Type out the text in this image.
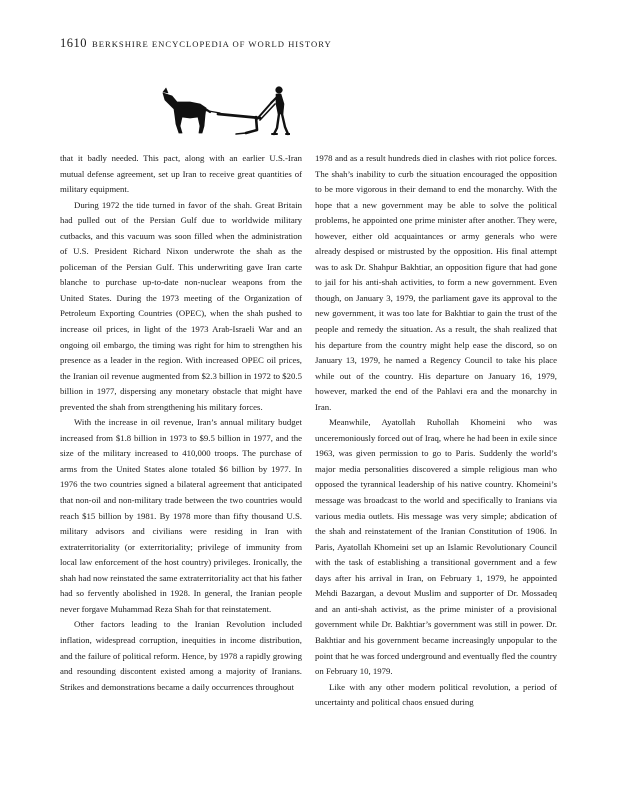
1610 BERKSHIRE ENCYCLOPEDIA OF WORLD HISTORY

that it badly needed. This pact, along with an earlier U.S.-Iran mutual defense agreement, set up Iran to receive great quantities of military equipment.

During 1972 the tide turned in favor of the shah. Great Britain had pulled out of the Persian Gulf due to worldwide military cutbacks, and this vacuum was soon filled when the administration of U.S. President Richard Nixon underwrote the shah as the policeman of the Persian Gulf. This underwriting gave Iran carte blanche to purchase up-to-date non-nuclear weapons from the United States. During the 1973 meeting of the Organization of Petroleum Exporting Countries (OPEC), when the shah pushed to increase oil prices, in light of the 1973 Arab-Israeli War and an ongoing oil embargo, the timing was right for him to strengthen his presence as a leader in the region. With increased OPEC oil prices, the Iranian oil revenue augmented from $2.3 billion in 1972 to $20.5 billion in 1977, dispersing any monetary obstacle that might have prevented the shah from strengthening his military forces.

With the increase in oil revenue, Iran’s annual military budget increased from $1.8 billion in 1973 to $9.5 billion in 1977, and the size of the military increased to 410,000 troops. The purchase of arms from the United States alone totaled $6 billion by 1977. In 1976 the two countries signed a bilateral agreement that anticipated that non-oil and non-military trade between the two countries would reach $15 billion by 1981. By 1978 more than fifty thousand U.S. military advisors and civilians were residing in Iran with extraterritoriality (or exterritoriality; privilege of immunity from local law enforcement of the host country) privileges. Ironically, the shah had now reinstated the same extraterritoriality act that his father had so fervently abolished in 1928. In general, the Iranian people never forgave Muhammad Reza Shah for that reinstatement.

Other factors leading to the Iranian Revolution included inflation, widespread corruption, inequities in income distribution, and the failure of political reform. Hence, by 1978 a rapidly growing and resounding discontent existed among a majority of Iranians. Strikes and demonstrations became a daily occurrences throughout

1978 and as a result hundreds died in clashes with riot police forces. The shah’s inability to curb the situation encouraged the opposition to be more vigorous in their demand to end the monarchy. With the hope that a new government may be able to solve the political problems, he appointed one prime minister after another. They were, however, either old acquaintances or army generals who were already despised or mistrusted by the opposition. His final attempt was to ask Dr. Shahpur Bakhtiar, an opposition figure that had gone to jail for his anti-shah activities, to form a new government. Even though, on January 3, 1979, the parliament gave its approval to the new government, it was too late for Bakhtiar to gain the trust of the people and remedy the situation. As a result, the shah realized that his departure from the country might help ease the discord, so on January 13, 1979, he named a Regency Council to take his place while out of the country. His departure on January 16, 1979, however, marked the end of the Pahlavi era and the monarchy in Iran.

Meanwhile, Ayatollah Ruhollah Khomeini who was unceremoniously forced out of Iraq, where he had been in exile since 1963, was given permission to go to Paris. Suddenly the world’s major media personalities discovered a simple religious man who opposed the tyrannical leadership of his native country. Khomeini’s message was broadcast to the world and specifically to Iranians via various media outlets. His message was very simple; abdication of the shah and reinstatement of the Iranian Constitution of 1906. In Paris, Ayatollah Khomeini set up an Islamic Revolutionary Council with the task of establishing a transitional government and a few days after his arrival in Iran, on February 1, 1979, he appointed Mehdi Bazargan, a devout Muslim and supporter of Dr. Mossadeq and an anti-shah activist, as the prime minister of a provisional government while Dr. Bakhtiar’s government was still in power. Dr. Bakhtiar and his government became increasingly unpopular to the point that he was forced underground and eventually fled the country on February 10, 1979.

Like with any other modern political revolution, a period of uncertainty and political chaos ensued during
